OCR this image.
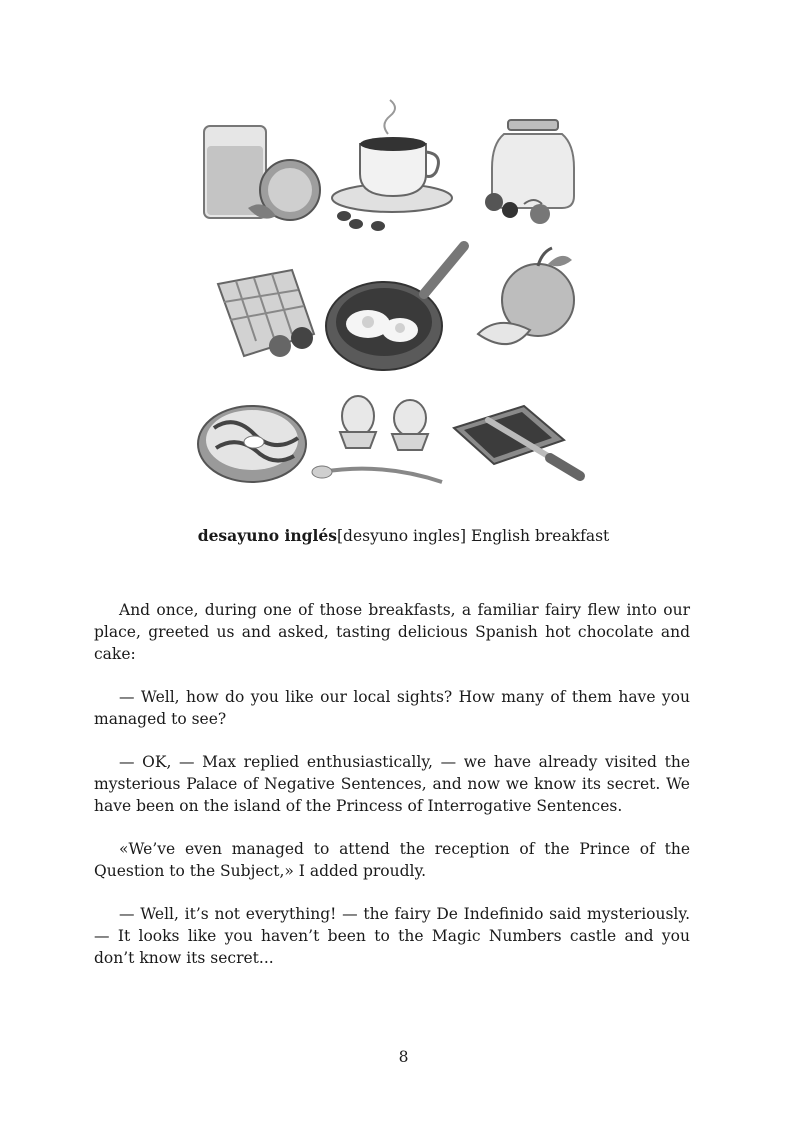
desayuno inglés[desyuno ingles] English breakfast

And once, during one of those breakfasts, a familiar fairy flew into our place, greeted us and asked, tasting delicious Spanish hot chocolate and cake:

— Well, how do you like our local sights? How many of them have you managed to see?

— OK, — Max replied enthusiastically, — we have already visited the mysterious Palace of Negative Sentences, and now we know its secret. We have been on the island of the Princess of Interrogative Sentences.

«We’ve even managed to attend the reception of the Prince of the Question to the Subject,» I added proudly.

— Well, it’s not everything! — the fairy De Indefinido said mysteriously. — It looks like you haven’t been to the Magic Numbers castle and you don’t know its secret...

8
